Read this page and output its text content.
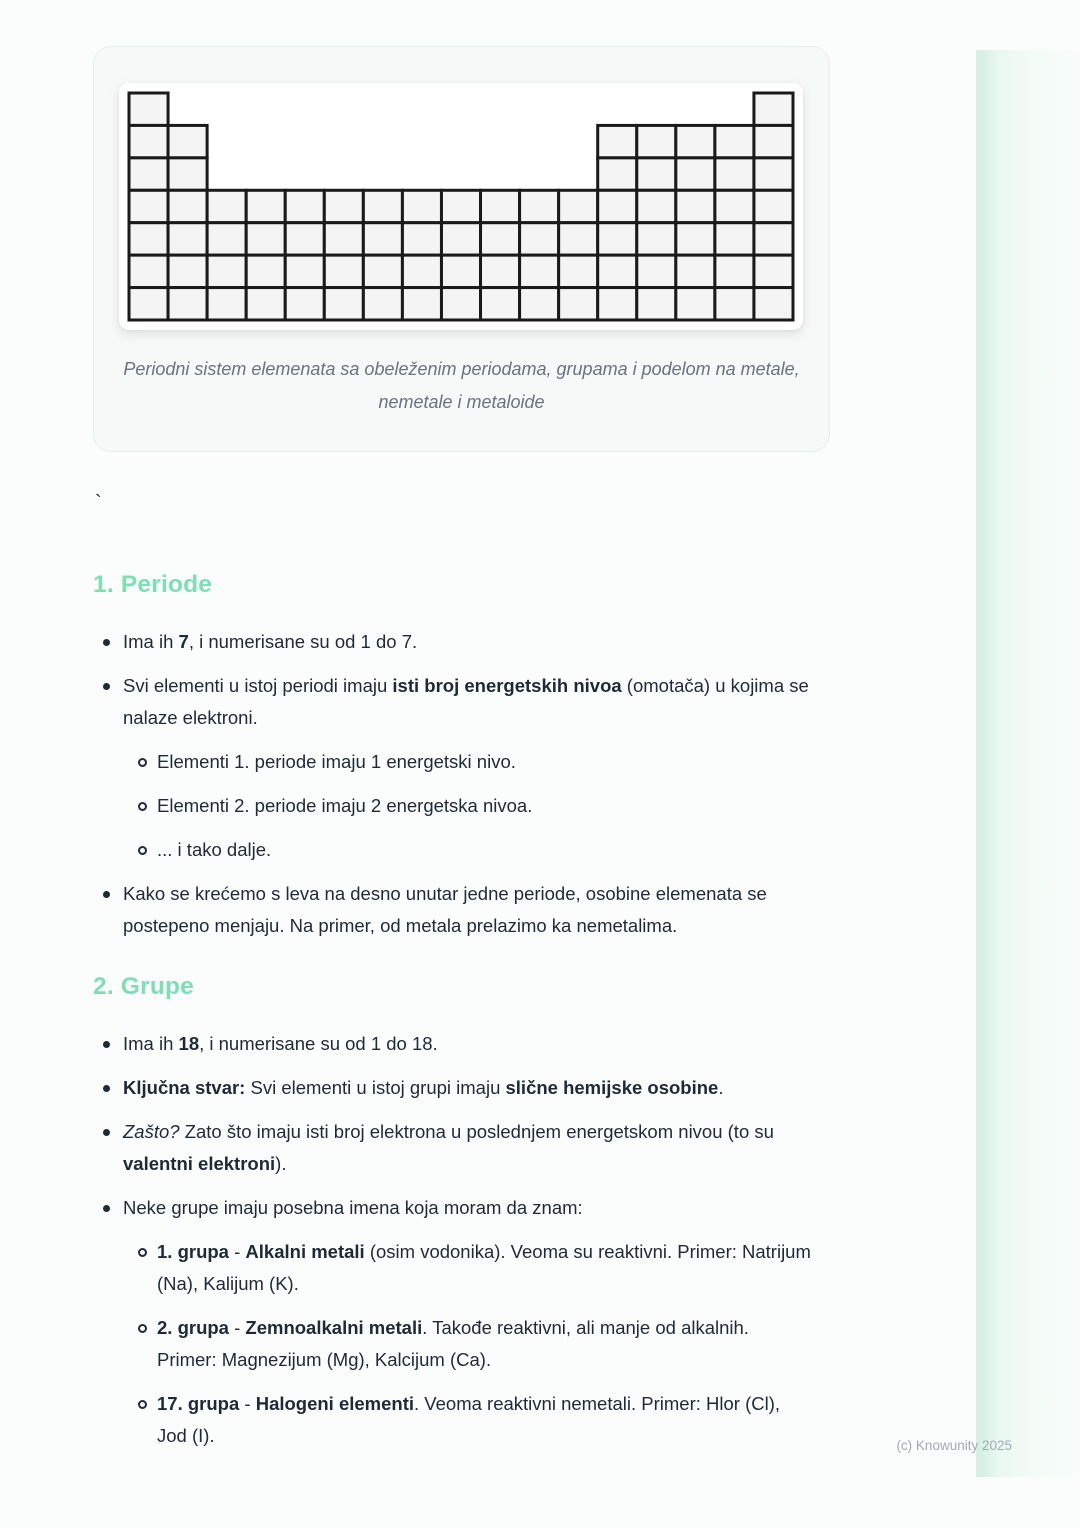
Periodni sistem elemenata sa obeleženim periodama, grupama i podelom na metale, nemetale i metaloide

`
1. Periode
Ima ih 7, i numerisane su od 1 do 7.
Svi elementi u istoj periodi imaju isti broj energetskih nivoa (omotača) u kojima se nalaze elektroni.
Elementi 1. periode imaju 1 energetski nivo.
Elementi 2. periode imaju 2 energetska nivoa.
... i tako dalje.
Kako se krećemo s leva na desno unutar jedne periode, osobine elemenata se postepeno menjaju. Na primer, od metala prelazimo ka nemetalima.
2. Grupe
Ima ih 18, i numerisane su od 1 do 18.
Ključna stvar: Svi elementi u istoj grupi imaju slične hemijske osobine.
Zašto? Zato što imaju isti broj elektrona u poslednjem energetskom nivou (to su valentni elektroni).
Neke grupe imaju posebna imena koja moram da znam:
1. grupa - Alkalni metali (osim vodonika). Veoma su reaktivni. Primer: Natrijum (Na), Kalijum (K).
2. grupa - Zemnoalkalni metali. Takođe reaktivni, ali manje od alkalnih. Primer: Magnezijum (Mg), Kalcijum (Ca).
17. grupa - Halogeni elementi. Veoma reaktivni nemetali. Primer: Hlor (Cl), Jod (I).	(c) Knowunity 2025
